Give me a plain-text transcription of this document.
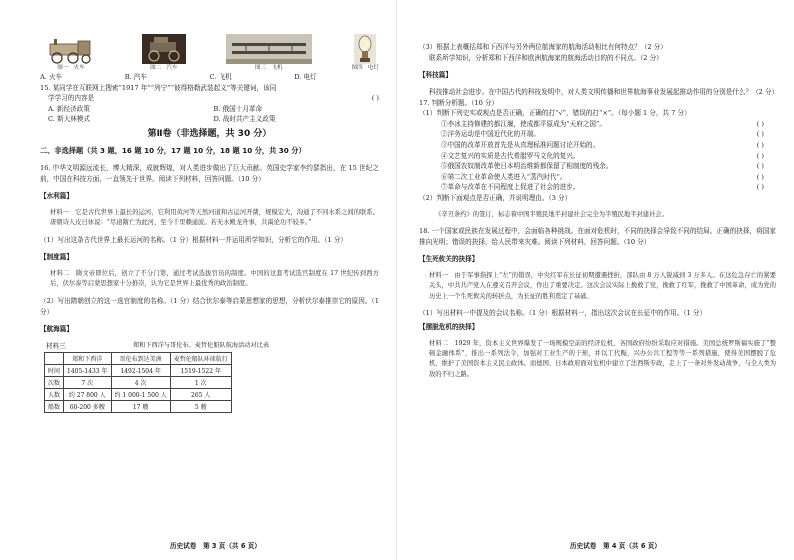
图一 火车	图二 汽车	图三 飞机	图四 电灯
A. 火车	B. 汽车	C. 飞机	D. 电灯

15. 某同学在互联网上搜索“1917 年”“列宁”“彼得格勒武装起义”等关键词，该同

学学习的内容是	( )

A. 新经济政策	B. 俄国十月革命
C. 斯大林模式	D. 战时共产主义政策
第Ⅱ卷（非选择题，共 30 分）

二、非选择题（共 3 题，16 题 10 分，17 题 10 分，18 题 10 分，共 30 分）

16. 中华文明源远流长，博大精深，成就辉煌，对人类进步做出了巨大贡献。英国史学家李约瑟指出，在 15 世纪之前，中国在科技方面，一直领先于世界。阅读下列材料，回答问题。（10 分）

【水利篇】

材料一　它是古代世界上最长的运河，它利用黄河等天然河道和古运河开凿，规模宏大，沟通了不同水系之间的联系。唐朝诗人皮日休说：“尽道隋亡为此河，至今千里赖通波。若无水殿龙舟事，共禹论功不较多。”

（1）写出这条古代世界上最长运河的名称。（1 分）根据材料一并运用所学知识，分析它的作用。（1 分）

【制度篇】

材料二　隋文帝即位后，创立了不分门第，通过考试选拔官员的制度。中国的这套考试选官制度在 17 世纪传到西方后，伏尔泰等启蒙思想家十分推崇，认为它是世界上最优秀的政治制度。

（2）写出隋朝创立的这一选官制度的名称。（1 分）结合伏尔泰等启蒙思想家的思想，分析伏尔泰推崇它的原因。（1 分）

【航海篇】

材料三	郑和下西洋与哥伦布、麦哲伦船队航海活动对比表
	郑和下西洋	哥伦布到达美洲	麦哲伦船队环球航行
时间	1405-1433 年	1492-1504 年	1519-1522 年
次数	7 次	4 次	1 次
人数	约 27 800 人	约 1 000-1 500 人	265 人
船数	60-200 多艘	17 艘	5 艘
历史试卷　第 3 页（共 6 页）

（3）根据上表概括郑和下西洋与另外两位航海家的航海活动相比有何特点？（2 分）

联系所学知识，分析郑和下西洋和欧洲航海家的航海活动目的的不同点。（2 分）

【科技篇】

科技推动社会进步。在中国古代的科技发明中，对人类文明传播和世界航海事业发展起推动作用的分别是什么？（2 分）

17. 判断分析题。（10 分）

（1）判断下列史实或观点是否正确，正确的打“√”，错误的打“×”。（每小题 1 分，共 7 分）

①李冰主持修建的都江堰，使成都平原成为“天府之国”。	( )
②洋务运动是中国近代化的开端。	( )
③中国的改革开放首先是从真理标准问题讨论开始的。	( )
④文艺复兴的实质是古代希腊罗马文化的复兴。	( )
⑤俄国农奴制改革使日本明治维新都保留了相制度的残余。	( )
⑥第二次工业革命使人类进入“蒸汽时代”。	( )
⑦革命与改革在不同程度上促进了社会的进步。	( )

（2）判断下面观点是否正确，并说明理由。（3 分）

《辛丑条约》的签订，标志着中国半殖民地半封建社会完全为半殖民地半封建社会。

18. 一个国家或民族在发展过程中，会面临各种挑战。在面对危机时，不同的抉择会导致不同的结局。正确的抉择，将国家推向光明；错误的抉择，给人民带来灾难。阅读下列材料，回答问题。（10 分）

【生死攸关的抉择】

材料一　由于军事指挥上“左”的错误，中央红军在长征初期遭遇挫折，部队由 8 万人锐减到 3 万多人。在这危急存亡的紧要关头，中共共产党人在遵义召开会议，作出了重要决定。这次会议实际上挽救了党，挽救了红军，挽救了中国革命，成为党的历史上一个生死攸关的转折点，为长征的胜利奠定了基础。

（1）写出材料一中提及的会议名称。（1 分）根据材料一，指出这次会议在长征中的作用。（1 分）

【摆脱危机的抉择】

材料二　1929 年，资本主义世界爆发了一场规模空前的经济危机，各国政府纷纷采取应对措施。美国总统罗斯福实施了“整顿金融体系”，推出一系列法令，加强对工业生产的干预，并以工代赈，兴办公共工程等等一系列措施，使得美国摆脱了危机，维护了美国资本主义民主政体。而德国、日本政府面对危机中建立了法西斯专政，走上了一条对外发动战争，与全人类为敌的不归之路。

历史试卷　第 4 页（共 6 页）
